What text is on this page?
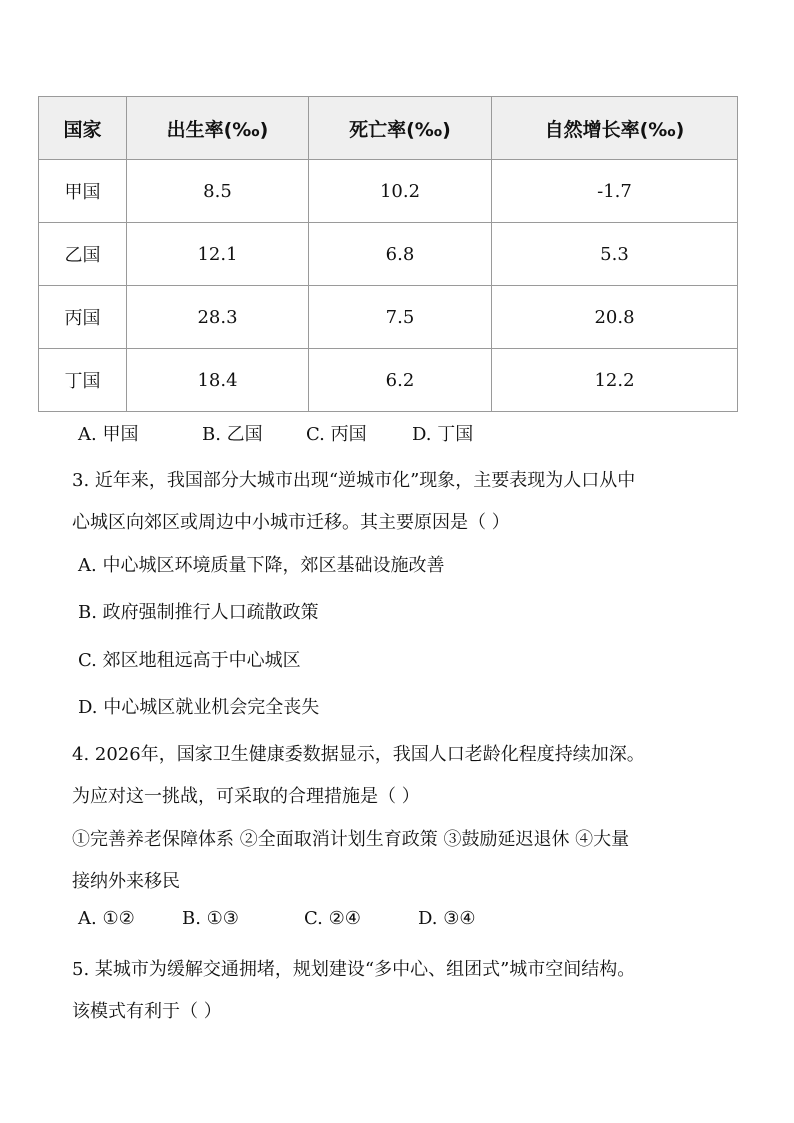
国家	出生率(‰)	死亡率(‰)	自然增长率(‰)
甲国	8.5	10.2	-1.7
乙国	12.1	6.8	5.3
丙国	28.3	7.5	20.8
丁国	18.4	6.2	12.2
A. 甲国	B. 乙国 C. 丙国	D. 丁国
3. 近年来，我国部分大城市出现“逆城市化”现象，主要表现为人口从中
心城区向郊区或周边中小城市迁移。其主要原因是（ ）
A. 中心城区环境质量下降，郊区基础设施改善
B. 政府强制推行人口疏散政策
C. 郊区地租远高于中心城区
D. 中心城区就业机会完全丧失
4. 2026年，国家卫生健康委数据显示，我国人口老龄化程度持续加深。
为应对这一挑战，可采取的合理措施是（ ）
①完善养老保障体系 ②全面取消计划生育政策 ③鼓励延迟退休 ④大量
接纳外来移民
A. ①②	B. ①③	C. ②④	D. ③④
5. 某城市为缓解交通拥堵，规划建设“多中心、组团式”城市空间结构。
该模式有利于（ ）
